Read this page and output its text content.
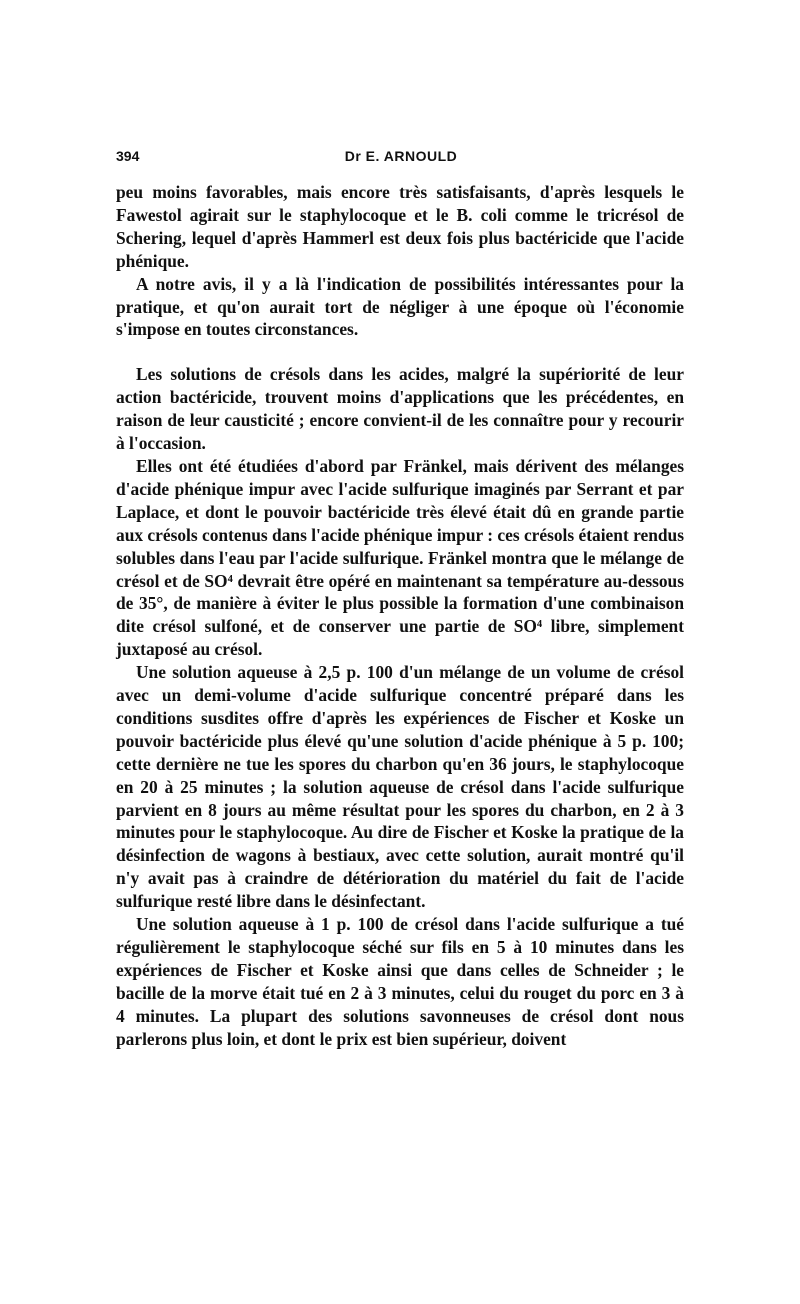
394	Dr E. ARNOULD

peu moins favorables, mais encore très satisfaisants, d'après lesquels le Fawestol agirait sur le staphylocoque et le B. coli comme le tricrésol de Schering, lequel d'après Hammerl est deux fois plus bactéricide que l'acide phénique.

A notre avis, il y a là l'indication de possibilités intéressantes pour la pratique, et qu'on aurait tort de négliger à une époque où l'économie s'impose en toutes circonstances.

Les solutions de crésols dans les acides, malgré la supériorité de leur action bactéricide, trouvent moins d'applications que les précédentes, en raison de leur causticité ; encore convient-il de les connaître pour y recourir à l'occasion.

Elles ont été étudiées d'abord par Fränkel, mais dérivent des mélanges d'acide phénique impur avec l'acide sulfurique imaginés par Serrant et par Laplace, et dont le pouvoir bactéricide très élevé était dû en grande partie aux crésols contenus dans l'acide phénique impur : ces crésols étaient rendus solubles dans l'eau par l'acide sulfurique. Fränkel montra que le mélange de crésol et de SO⁴ devrait être opéré en maintenant sa température au-dessous de 35°, de manière à éviter le plus possible la formation d'une combinaison dite crésol sulfoné, et de conserver une partie de SO⁴ libre, simplement juxtaposé au crésol.

Une solution aqueuse à 2,5 p. 100 d'un mélange de un volume de crésol avec un demi-volume d'acide sulfurique concentré préparé dans les conditions susdites offre d'après les expériences de Fischer et Koske un pouvoir bactéricide plus élevé qu'une solution d'acide phénique à 5 p. 100; cette dernière ne tue les spores du charbon qu'en 36 jours, le staphylocoque en 20 à 25 minutes ; la solution aqueuse de crésol dans l'acide sulfurique parvient en 8 jours au même résultat pour les spores du charbon, en 2 à 3 minutes pour le staphylocoque. Au dire de Fischer et Koske la pratique de la désinfection de wagons à bestiaux, avec cette solution, aurait montré qu'il n'y avait pas à craindre de détérioration du matériel du fait de l'acide sulfurique resté libre dans le désinfectant.

Une solution aqueuse à 1 p. 100 de crésol dans l'acide sulfurique a tué régulièrement le staphylocoque séché sur fils en 5 à 10 minutes dans les expériences de Fischer et Koske ainsi que dans celles de Schneider ; le bacille de la morve était tué en 2 à 3 minutes, celui du rouget du porc en 3 à 4 minutes. La plupart des solutions savonneuses de crésol dont nous parlerons plus loin, et dont le prix est bien supérieur, doivent
